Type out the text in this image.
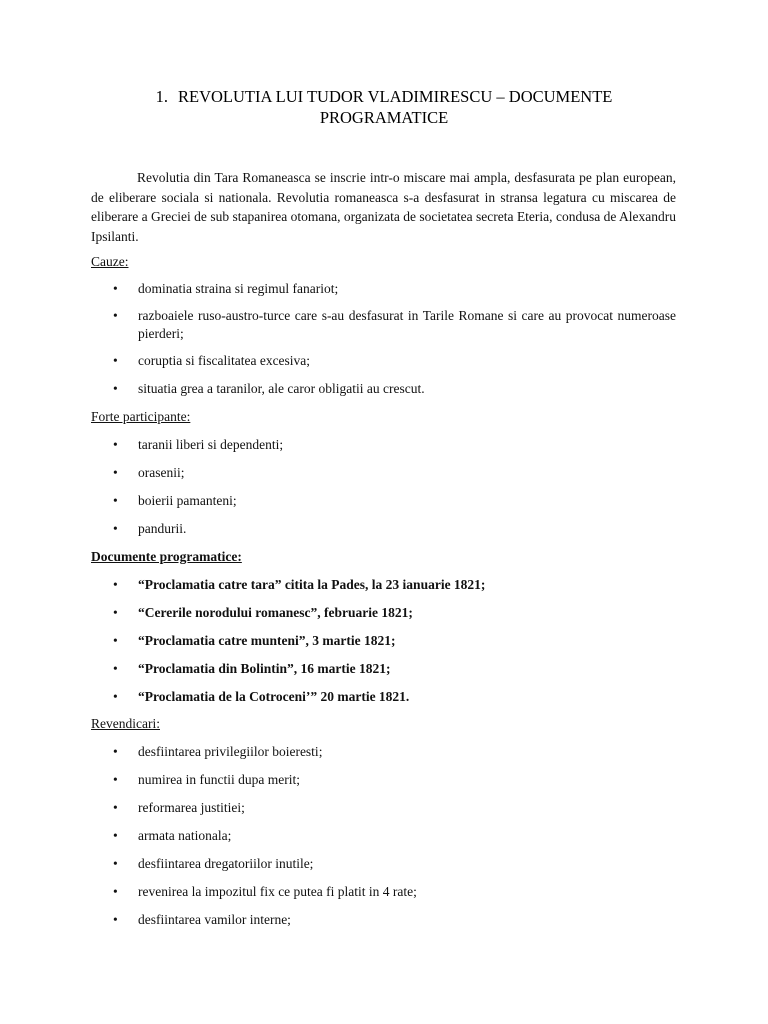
1. REVOLUTIA LUI TUDOR VLADIMIRESCU – DOCUMENTE
PROGRAMATICE
Revolutia din Tara Romaneasca se inscrie intr-o miscare mai ampla, desfasurata pe plan european, de eliberare sociala si nationala. Revolutia romaneasca s-a desfasurat in stransa legatura cu miscarea de eliberare a Greciei de sub stapanirea otomana, organizata de societatea secreta Eteria, condusa de Alexandru Ipsilanti.
Cauze:
•	dominatia straina si regimul fanariot;
•	razboaiele ruso-austro-turce care s-au desfasurat in Tarile Romane si care au provocat numeroase pierderi;
•	coruptia si fiscalitatea excesiva;
•	situatia grea a taranilor, ale caror obligatii au crescut.
Forte participante:
•	taranii liberi si dependenti;
•	orasenii;
•	boierii pamanteni;
•	pandurii.
Documente programatice:
•	“Proclamatia catre tara” citita la Pades, la 23 ianuarie 1821;
•	“Cererile norodului romanesc”, februarie 1821;
•	“Proclamatia catre munteni”, 3 martie 1821;
•	“Proclamatia din Bolintin”, 16 martie 1821;
•	“Proclamatia de la Cotroceni’” 20 martie 1821.
Revendicari:
•	desfiintarea privilegiilor boieresti;
•	numirea in functii dupa merit;
•	reformarea justitiei;
•	armata nationala;
•	desfiintarea dregatoriilor inutile;
•	revenirea la impozitul fix ce putea fi platit in 4 rate;
•	desfiintarea vamilor interne;
